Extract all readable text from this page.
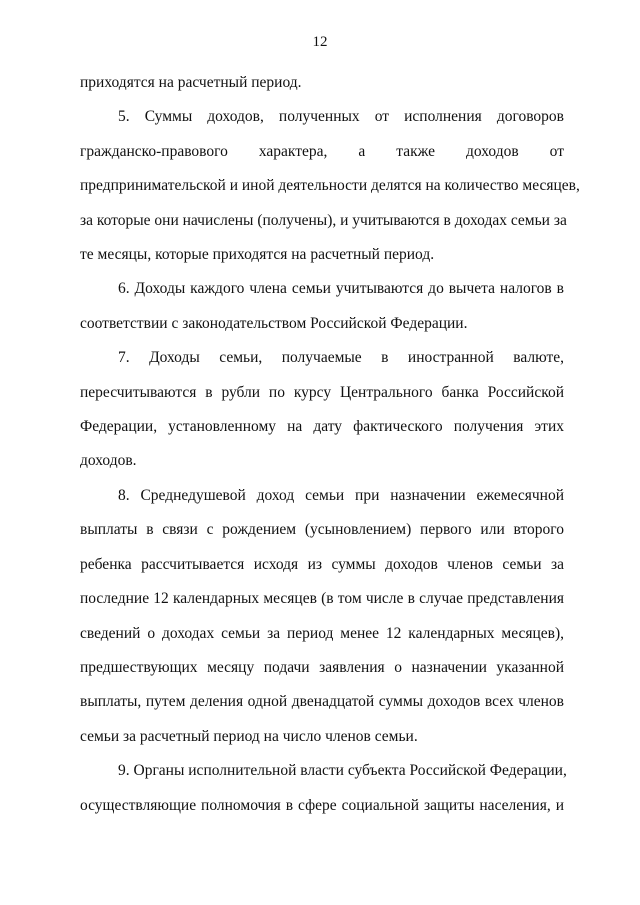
12
приходятся на расчетный период.
5. Суммы доходов, полученных от исполнения договоров
гражданско-правового характера, а также доходов от
предпринимательской и иной деятельности делятся на количество месяцев,
за которые они начислены (получены), и учитываются в доходах семьи за
те месяцы, которые приходятся на расчетный период.
6. Доходы каждого члена семьи учитываются до вычета налогов в
соответствии с законодательством Российской Федерации.
7. Доходы семьи, получаемые в иностранной валюте,
пересчитываются в рубли по курсу Центрального банка Российской
Федерации, установленному на дату фактического получения этих
доходов.
8. Среднедушевой доход семьи при назначении ежемесячной
выплаты в связи с рождением (усыновлением) первого или второго
ребенка рассчитывается исходя из суммы доходов членов семьи за
последние 12 календарных месяцев (в том числе в случае представления
сведений о доходах семьи за период менее 12 календарных месяцев),
предшествующих месяцу подачи заявления о назначении указанной
выплаты, путем деления одной двенадцатой суммы доходов всех членов
семьи за расчетный период на число членов семьи.
9. Органы исполнительной власти субъекта Российской Федерации,
осуществляющие полномочия в сфере социальной защиты населения, и
